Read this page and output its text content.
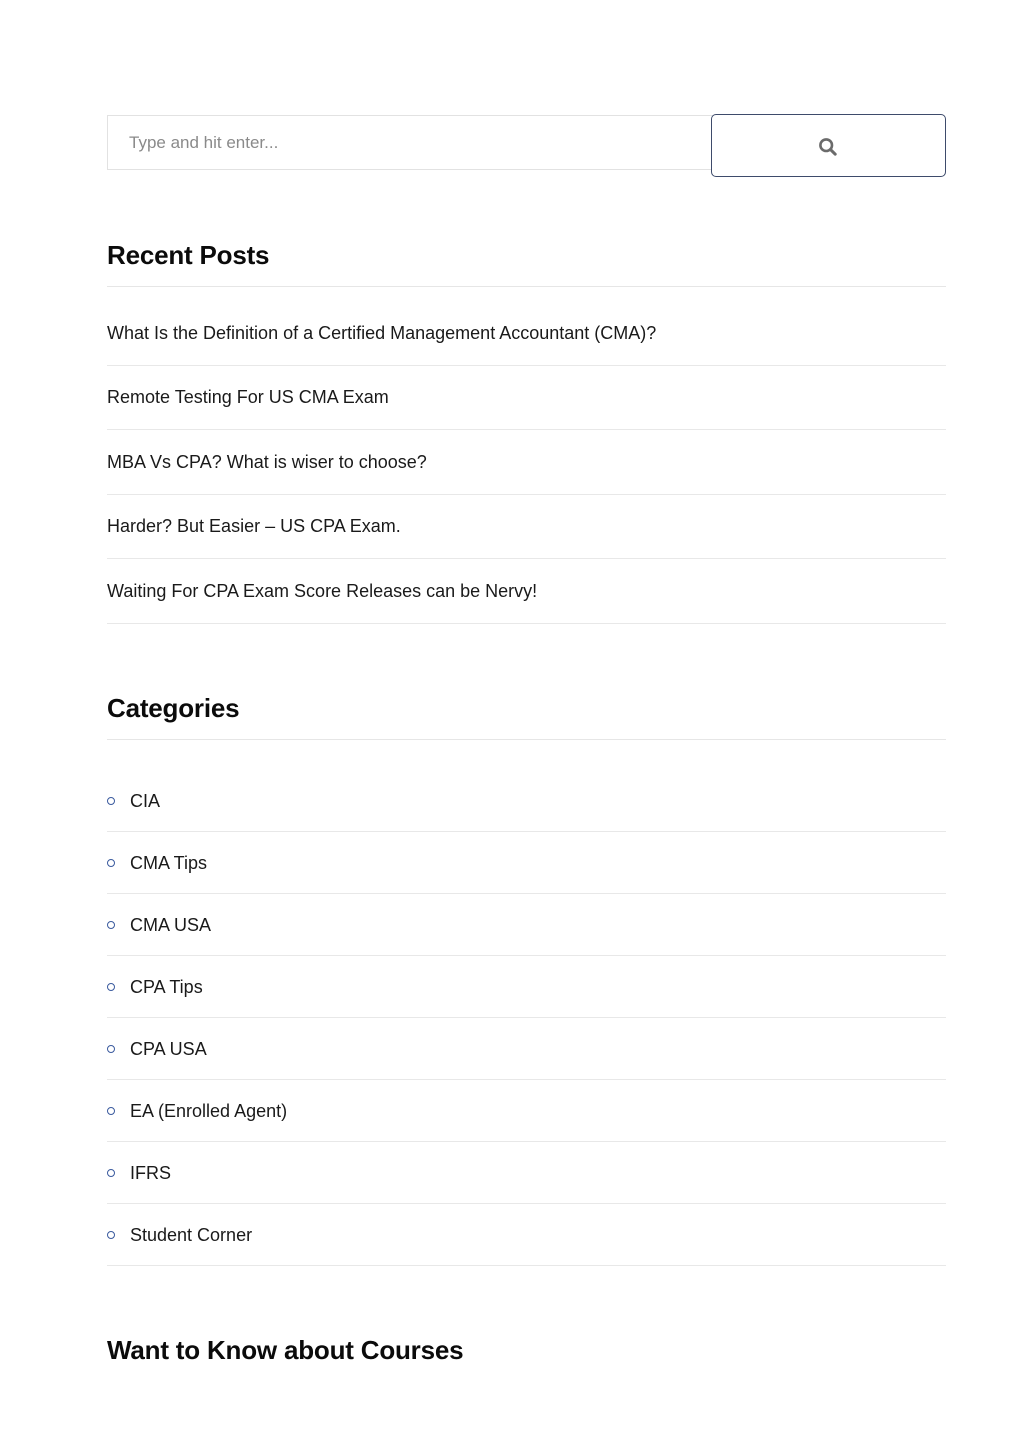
Type and hit enter...
Recent Posts
What Is the Definition of a Certified Management Accountant (CMA)?
Remote Testing For US CMA Exam
MBA Vs CPA? What is wiser to choose?
Harder? But Easier – US CPA Exam.
Waiting For CPA Exam Score Releases can be Nervy!
Categories
CIA
CMA Tips
CMA USA
CPA Tips
CPA USA
EA (Enrolled Agent)
IFRS
Student Corner
Want to Know about Courses
